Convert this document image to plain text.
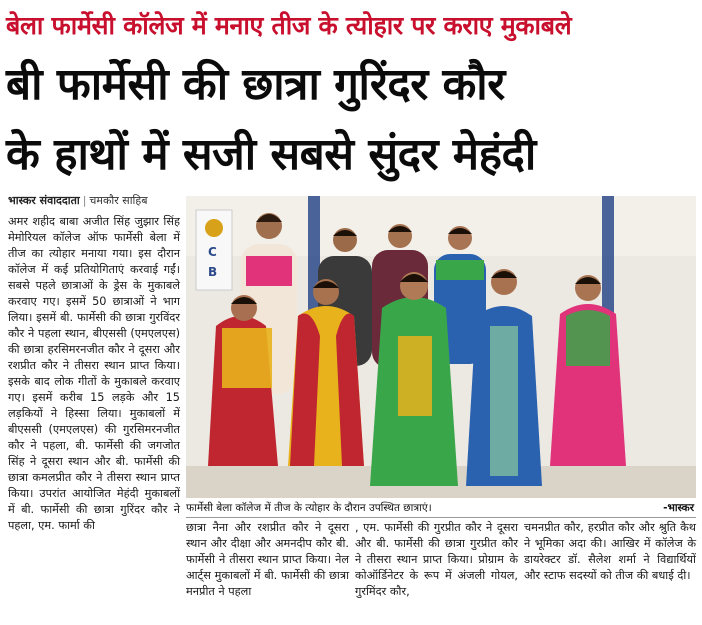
बेला फार्मेसी कॉलेज में मनाए तीज के त्योहार पर कराए मुकाबले
बी फार्मेसी की छात्रा गुरिंदर कौर
के हाथों में सजी सबसे सुंदर मेहंदी
भास्कर संवाददाता | चमकौर साहिब
अमर शहीद बाबा अजीत सिंह जुझार सिंह मेमोरियल कॉलेज ऑफ फार्मेसी बेला में तीज का त्योहार मनाया गया। इस दौरान कॉलेज में कई प्रतियोगिताएं करवाई गईं। सबसे पहले छात्राओं के ड्रेस के मुकाबले करवाए गए। इसमें 50 छात्राओं ने भाग लिया। इसमें बी. फार्मेसी की छात्रा गुरविंदर कौर ने पहला स्थान, बीएससी (एमएलएस) की छात्रा हरसिमरनजीत कौर ने दूसरा और रशप्रीत कौर ने तीसरा स्थान प्राप्त किया। इसके बाद लोक गीतों के मुकाबले करवाए गए। इसमें करीब 15 लड़के और 15 लड़कियों ने हिस्सा लिया। मुकाबलों में बीएससी (एमएलएस) की गुरसिमरनजीत कौर ने पहला, बी. फार्मेसी की जगजोत सिंह ने दूसरा स्थान और बी. फार्मेसी की छात्रा कमलप्रीत कौर ने तीसरा स्थान प्राप्त किया। उपरांत आयोजित मेहंदी मुकाबलों में बी. फार्मेसी की छात्रा गुरिंदर कौर ने पहला, एम. फार्मा की
C
B
फार्मेसी बेला कॉलेज में तीज के त्योहार के दौरान उपस्थित छात्राएं।	-भास्कर
छात्रा नैना और रशप्रीत कौर ने दूसरा स्थान और दीक्षा और अमनदीप कौर बी. फार्मेसी ने तीसरा स्थान प्राप्त किया। नेल आर्ट्स मुकाबलों में बी. फार्मेसी की छात्रा मनप्रीत ने पहला
, एम. फार्मेसी की गुरप्रीत कौर ने दूसरा और बी. फार्मेसी की छात्रा गुरप्रीत कौर ने तीसरा स्थान प्राप्त किया। प्रोग्राम के कोऑर्डिनेटर के रूप में अंजली गोयल, गुरमिंदर कौर,
चमनप्रीत कौर, हरप्रीत कौर और श्रुति कैथ ने भूमिका अदा की। आखिर में कॉलेज के डायरेक्टर डॉ. सैलेश शर्मा ने विद्यार्थियों और स्टाफ सदस्यों को तीज की बधाई दी।
